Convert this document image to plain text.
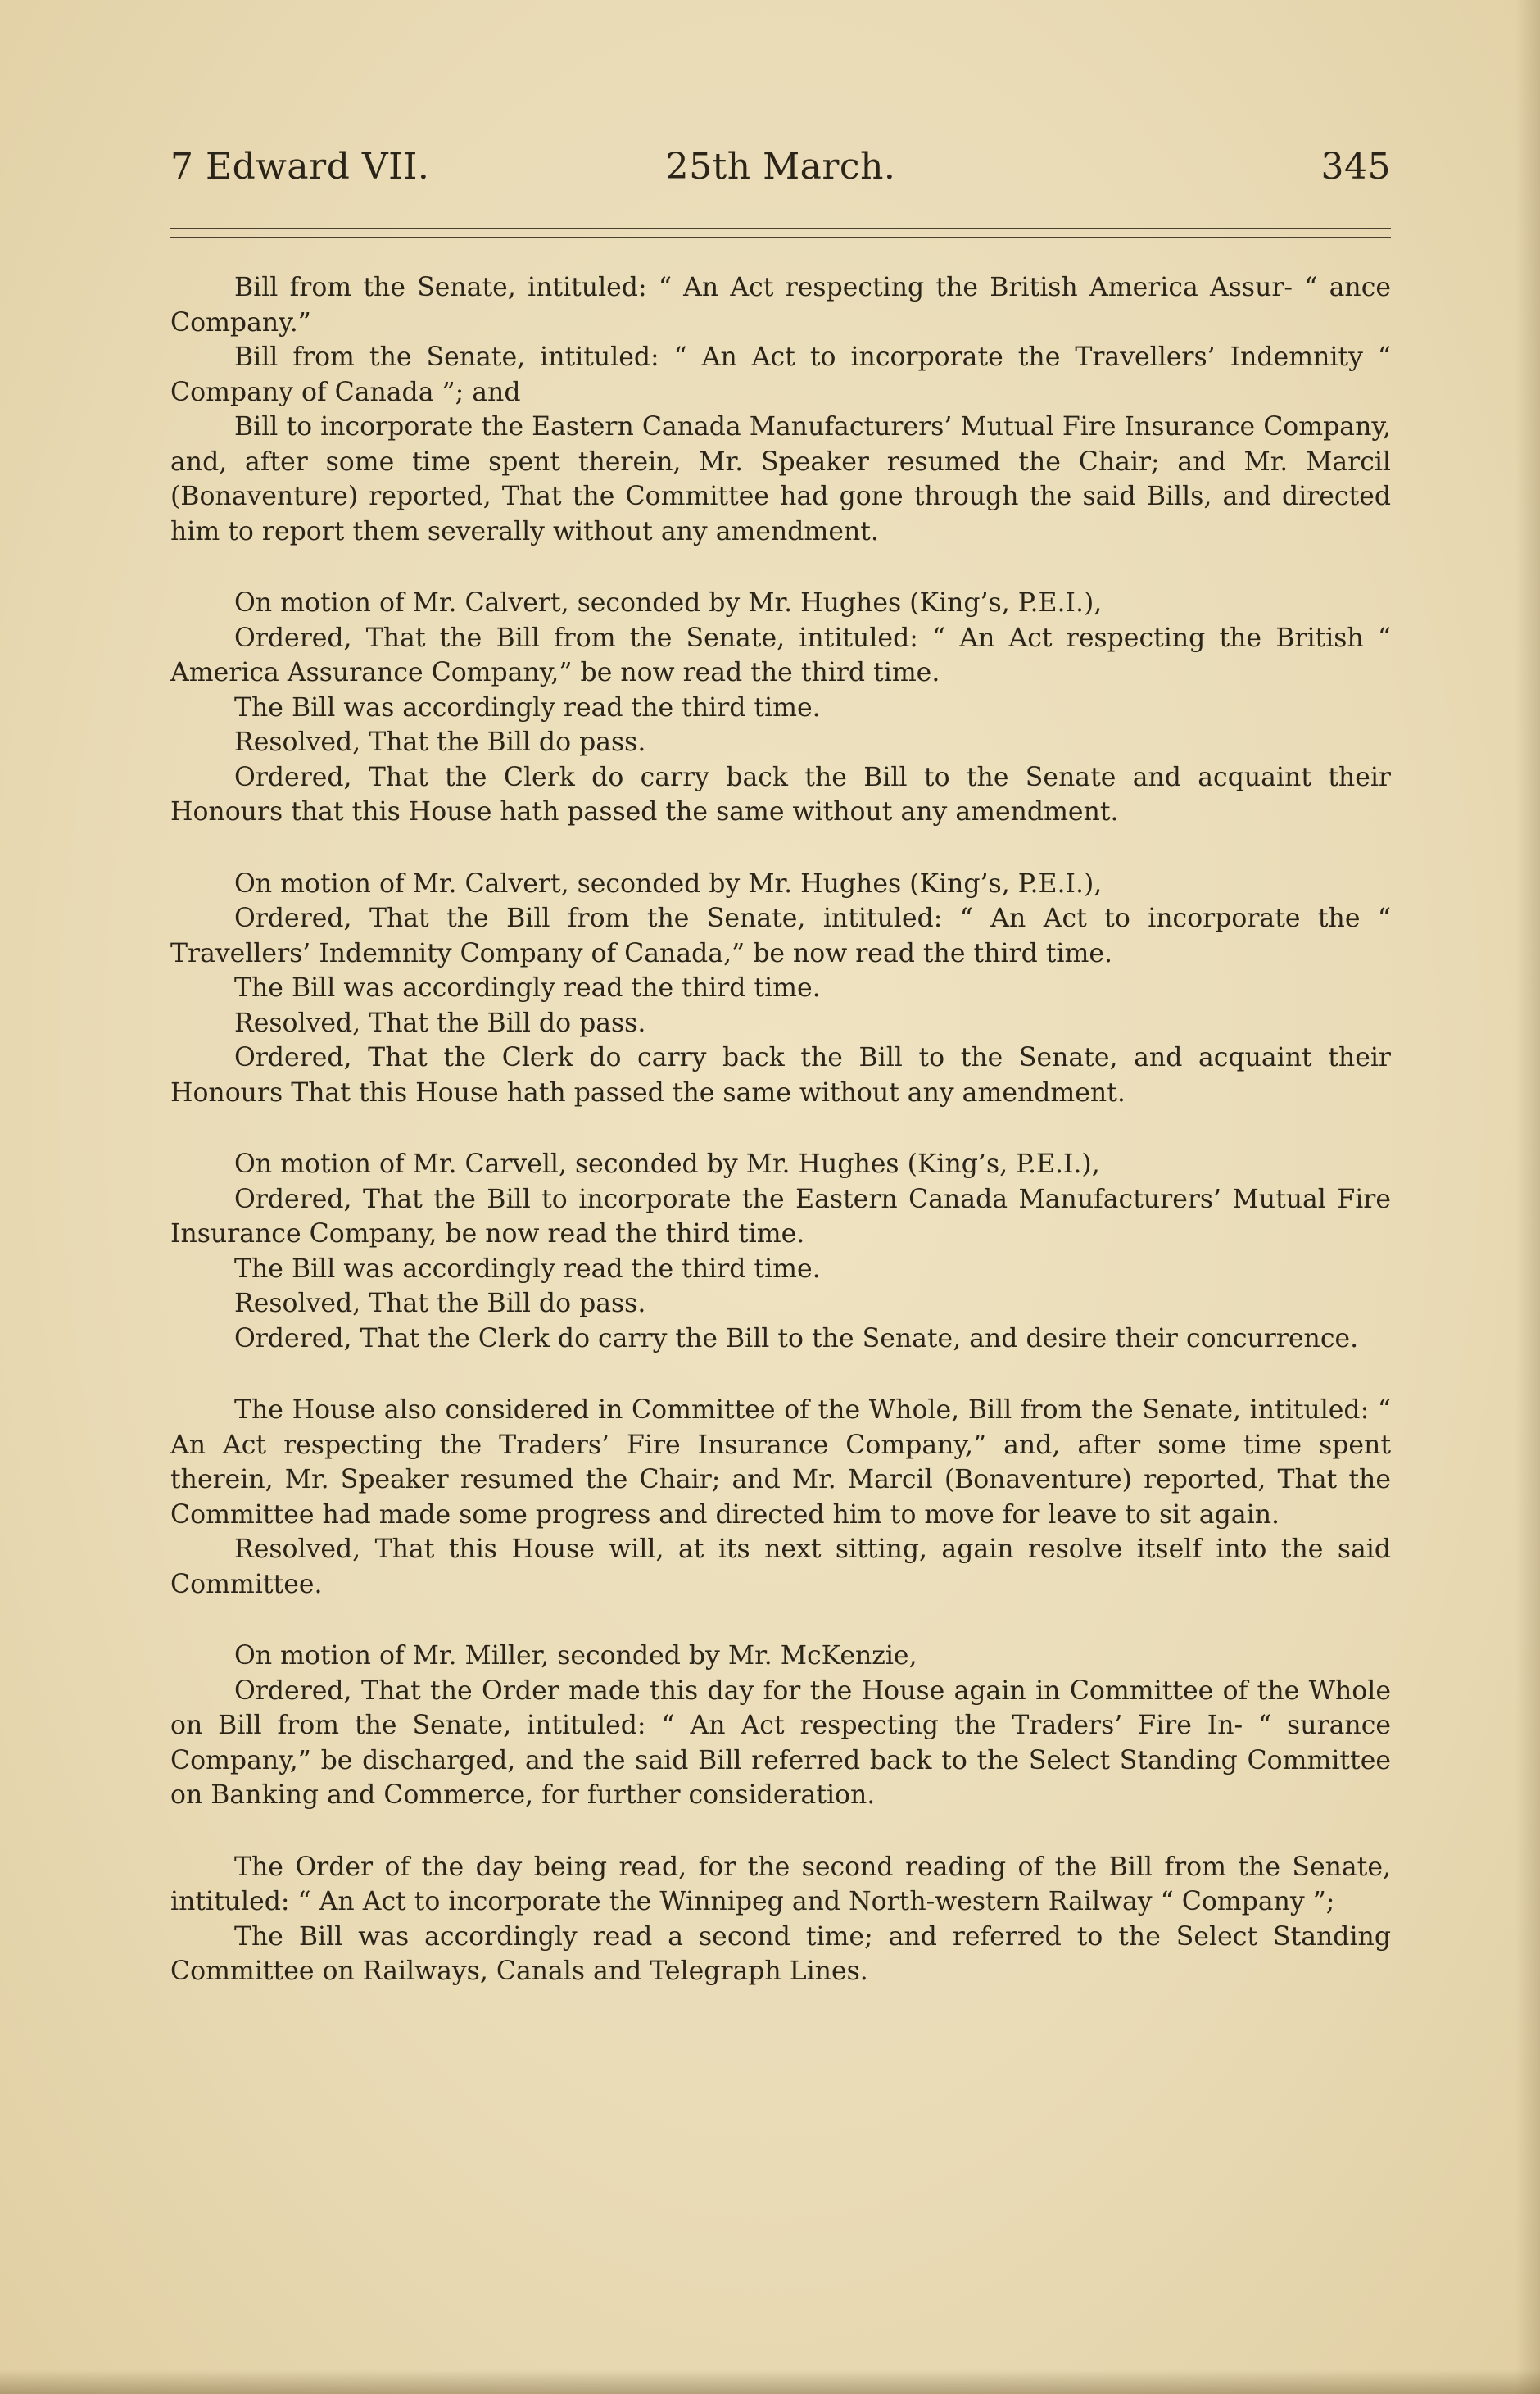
7 Edward VII.	25th March.	345

Bill from the Senate, intituled: “ An Act respecting the British America Assur- “ ance Company.”

Bill from the Senate, intituled: “ An Act to incorporate the Travellers’ Indemnity “ Company of Canada ”; and

Bill to incorporate the Eastern Canada Manufacturers’ Mutual Fire Insurance Company, and, after some time spent therein, Mr. Speaker resumed the Chair; and Mr. Marcil (Bonaventure) reported, That the Committee had gone through the said Bills, and directed him to report them severally without any amendment.

On motion of Mr. Calvert, seconded by Mr. Hughes (King’s, P.E.I.),

Ordered, That the Bill from the Senate, intituled: “ An Act respecting the British “ America Assurance Company,” be now read the third time.

The Bill was accordingly read the third time.

Resolved, That the Bill do pass.

Ordered, That the Clerk do carry back the Bill to the Senate and acquaint their Honours that this House hath passed the same without any amendment.

On motion of Mr. Calvert, seconded by Mr. Hughes (King’s, P.E.I.),

Ordered, That the Bill from the Senate, intituled: “ An Act to incorporate the “ Travellers’ Indemnity Company of Canada,” be now read the third time.

The Bill was accordingly read the third time.

Resolved, That the Bill do pass.

Ordered, That the Clerk do carry back the Bill to the Senate, and acquaint their Honours That this House hath passed the same without any amendment.

On motion of Mr. Carvell, seconded by Mr. Hughes (King’s, P.E.I.),

Ordered, That the Bill to incorporate the Eastern Canada Manufacturers’ Mutual Fire Insurance Company, be now read the third time.

The Bill was accordingly read the third time.

Resolved, That the Bill do pass.

Ordered, That the Clerk do carry the Bill to the Senate, and desire their concurrence.

The House also considered in Committee of the Whole, Bill from the Senate, intituled: “ An Act respecting the Traders’ Fire Insurance Company,” and, after some time spent therein, Mr. Speaker resumed the Chair; and Mr. Marcil (Bonaventure) reported, That the Committee had made some progress and directed him to move for leave to sit again.

Resolved, That this House will, at its next sitting, again resolve itself into the said Committee.

On motion of Mr. Miller, seconded by Mr. McKenzie,

Ordered, That the Order made this day for the House again in Committee of the Whole on Bill from the Senate, intituled: “ An Act respecting the Traders’ Fire In- “ surance Company,” be discharged, and the said Bill referred back to the Select Standing Committee on Banking and Commerce, for further consideration.

The Order of the day being read, for the second reading of the Bill from the Senate, intituled: “ An Act to incorporate the Winnipeg and North-western Railway “ Company ”;

The Bill was accordingly read a second time; and referred to the Select Standing Committee on Railways, Canals and Telegraph Lines.
